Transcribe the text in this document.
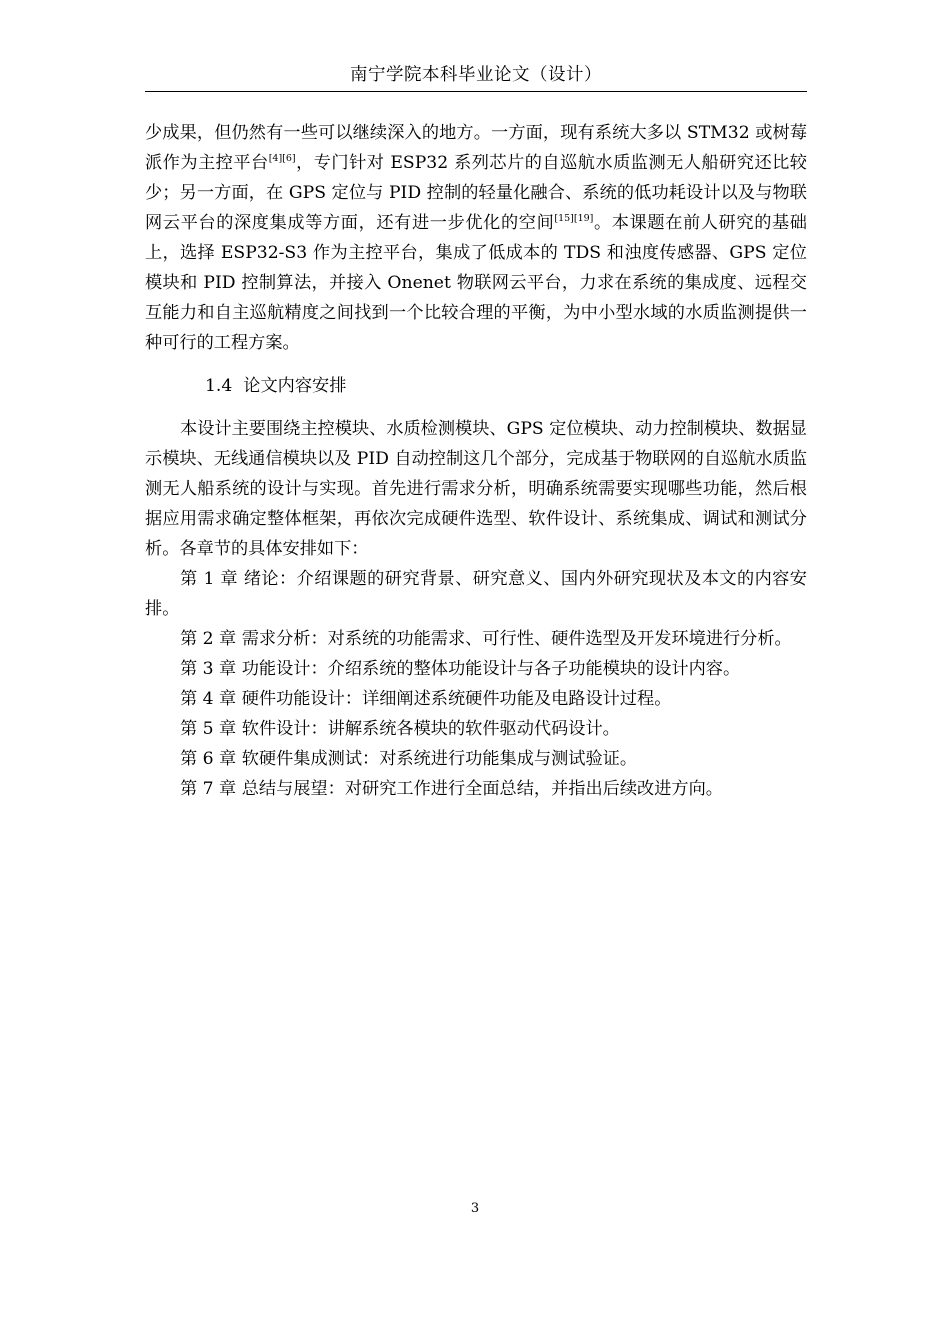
南宁学院本科毕业论文（设计）

少成果，但仍然有一些可以继续深入的地方。一方面，现有系统大多以 STM32 或树莓派作为主控平台[4][6]，专门针对 ESP32 系列芯片的自巡航水质监测无人船研究还比较少；另一方面，在 GPS 定位与 PID 控制的轻量化融合、系统的低功耗设计以及与物联网云平台的深度集成等方面，还有进一步优化的空间[15][19]。本课题在前人研究的基础上，选择 ESP32-S3 作为主控平台，集成了低成本的 TDS 和浊度传感器、GPS 定位模块和 PID 控制算法，并接入 Onenet 物联网云平台，力求在系统的集成度、远程交互能力和自主巡航精度之间找到一个比较合理的平衡，为中小型水域的水质监测提供一种可行的工程方案。

1.4 论文内容安排

本设计主要围绕主控模块、水质检测模块、GPS 定位模块、动力控制模块、数据显示模块、无线通信模块以及 PID 自动控制这几个部分，完成基于物联网的自巡航水质监测无人船系统的设计与实现。首先进行需求分析，明确系统需要实现哪些功能，然后根据应用需求确定整体框架，再依次完成硬件选型、软件设计、系统集成、调试和测试分析。各章节的具体安排如下：

第 1 章 绪论：介绍课题的研究背景、研究意义、国内外研究现状及本文的内容安排。

第 2 章 需求分析：对系统的功能需求、可行性、硬件选型及开发环境进行分析。

第 3 章 功能设计：介绍系统的整体功能设计与各子功能模块的设计内容。

第 4 章 硬件功能设计：详细阐述系统硬件功能及电路设计过程。

第 5 章 软件设计：讲解系统各模块的软件驱动代码设计。

第 6 章 软硬件集成测试：对系统进行功能集成与测试验证。

第 7 章 总结与展望：对研究工作进行全面总结，并指出后续改进方向。

3
